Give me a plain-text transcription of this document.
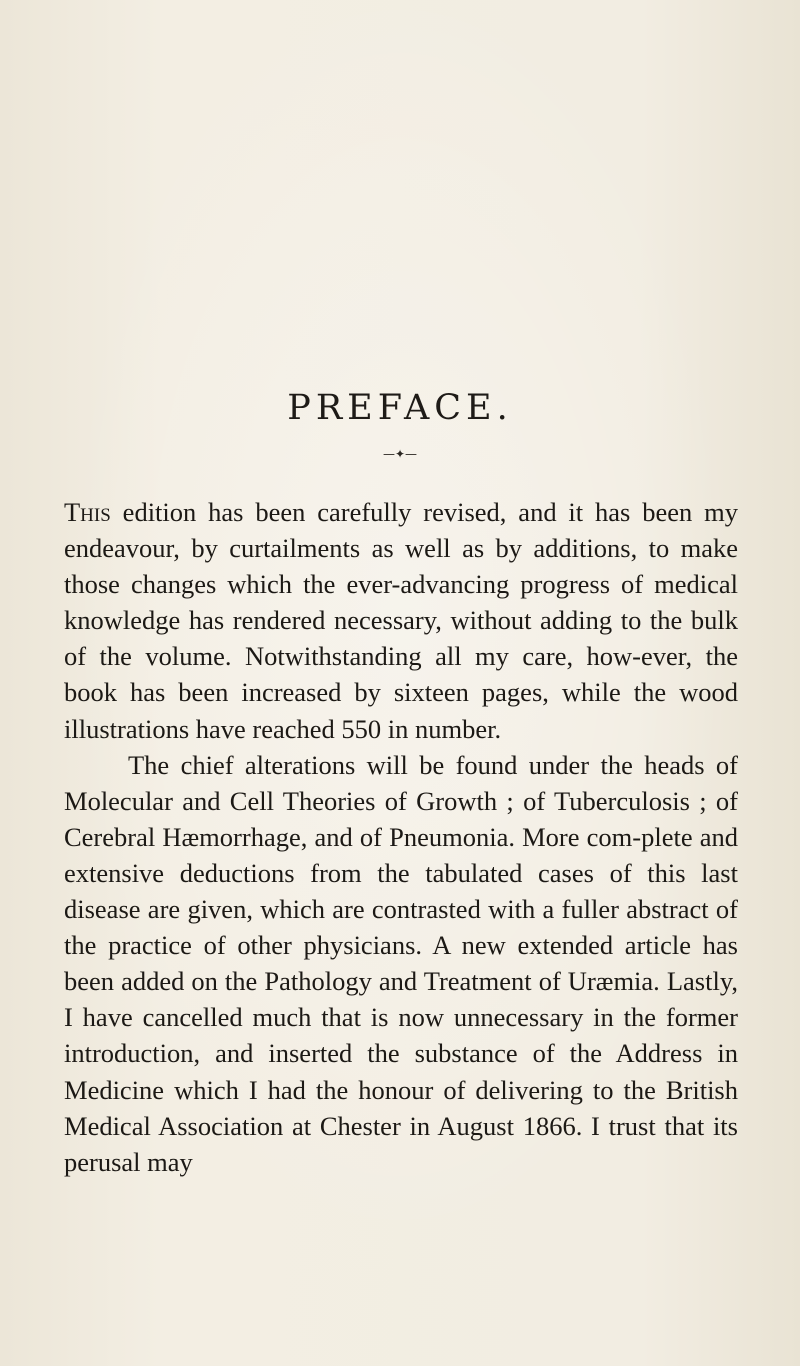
PREFACE.
—✦—

This edition has been carefully revised, and it has been my endeavour, by curtailments as well as by additions, to make those changes which the ever-advancing progress of medical knowledge has rendered necessary, without adding to the bulk of the volume. Notwithstanding all my care, how-ever, the book has been increased by sixteen pages, while the wood illustrations have reached 550 in number.

The chief alterations will be found under the heads of Molecular and Cell Theories of Growth ; of Tuberculosis ; of Cerebral Hæmorrhage, and of Pneumonia. More com-plete and extensive deductions from the tabulated cases of this last disease are given, which are contrasted with a fuller abstract of the practice of other physicians. A new extended article has been added on the Pathology and Treatment of Uræmia. Lastly, I have cancelled much that is now unnecessary in the former introduction, and inserted the substance of the Address in Medicine which I had the honour of delivering to the British Medical Association at Chester in August 1866. I trust that its perusal may
